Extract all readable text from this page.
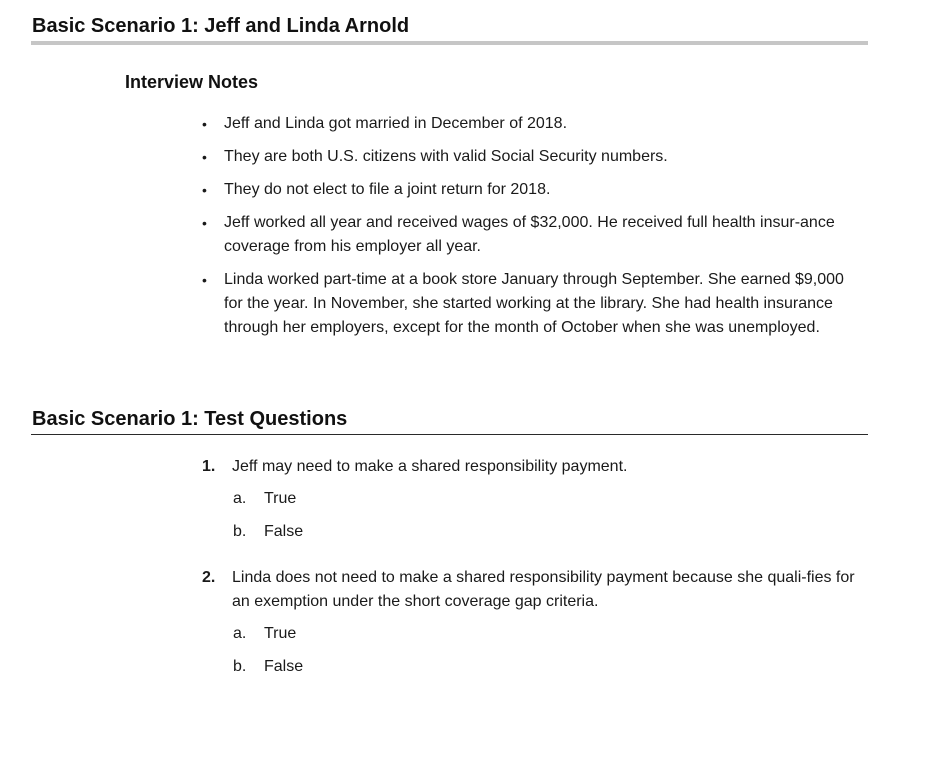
Basic Scenario 1: Jeff and Linda Arnold
Interview Notes
• Jeff and Linda got married in December of 2018.
• They are both U.S. citizens with valid Social Security numbers.
• They do not elect to file a joint return for 2018.
• Jeff worked all year and received wages of $32,000. He received full health insur-ance coverage from his employer all year.
• Linda worked part-time at a book store January through September. She earned $9,000 for the year. In November, she started working at the library. She had health insurance through her employers, except for the month of October when she was unemployed.
Basic Scenario 1: Test Questions
1.	Jeff may need to make a shared responsibility payment.
a. True
b. False
2.	Linda does not need to make a shared responsibility payment because she quali-fies for an exemption under the short coverage gap criteria.
a. True
b. False
